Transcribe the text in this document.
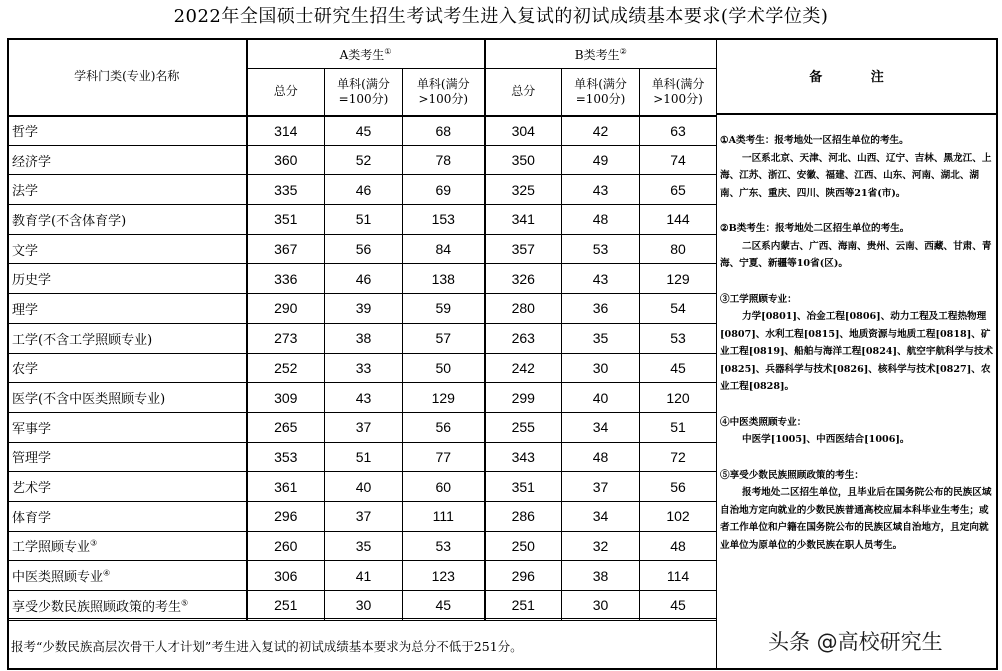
2022年全国硕士研究生招生考试考生进入复试的初试成绩基本要求(学术学位类)
学科门类(专业)名称	A类考生①			B类考生②
	总分	单科(满分=100分)	单科(满分>100分)	总分	单科(满分=100分)	单科(满分>100分)
哲学	314	45	68	304	42	63
经济学	360	52	78	350	49	74
法学	335	46	69	325	43	65
教育学(不含体育学)	351	51	153	341	48	144
文学	367	56	84	357	53	80
历史学	336	46	138	326	43	129
理学	290	39	59	280	36	54
工学(不含工学照顾专业)	273	38	57	263	35	53
农学	252	33	50	242	30	45
医学(不含中医类照顾专业)	309	43	129	299	40	120
军事学	265	37	56	255	34	51
管理学	353	51	77	343	48	72
艺术学	361	40	60	351	37	56
体育学	296	37	111	286	34	102
工学照顾专业③	260	35	53	250	32	48
中医类照顾专业④	306	41	123	296	38	114
享受少数民族照顾政策的考生⑤	251	30	45	251	30	45
报考“少数民族高层次骨干人才计划”考生进入复试的初试成绩基本要求为总分不低于251分。
备 注

①A类考生：报考地处一区招生单位的考生。

一区系北京、天津、河北、山西、辽宁、吉林、黑龙江、上海、江苏、浙江、安徽、福建、江西、山东、河南、湖北、湖南、广东、重庆、四川、陕西等21省(市)。

②B类考生：报考地处二区招生单位的考生。

二区系内蒙古、广西、海南、贵州、云南、西藏、甘肃、青海、宁夏、新疆等10省(区)。

③工学照顾专业：

力学[0801]、冶金工程[0806]、动力工程及工程热物理[0807]、水利工程[0815]、地质资源与地质工程[0818]、矿业工程[0819]、船舶与海洋工程[0824]、航空宇航科学与技术[0825]、兵器科学与技术[0826]、核科学与技术[0827]、农业工程[0828]。

④中医类照顾专业：

中医学[1005]、中西医结合[1006]。

⑤享受少数民族照顾政策的考生：

报考地处二区招生单位，且毕业后在国务院公布的民族区域自治地方定向就业的少数民族普通高校应届本科毕业生考生；或者工作单位和户籍在国务院公布的民族区域自治地方，且定向就业单位为原单位的少数民族在职人员考生。

头条 @高校研究生
